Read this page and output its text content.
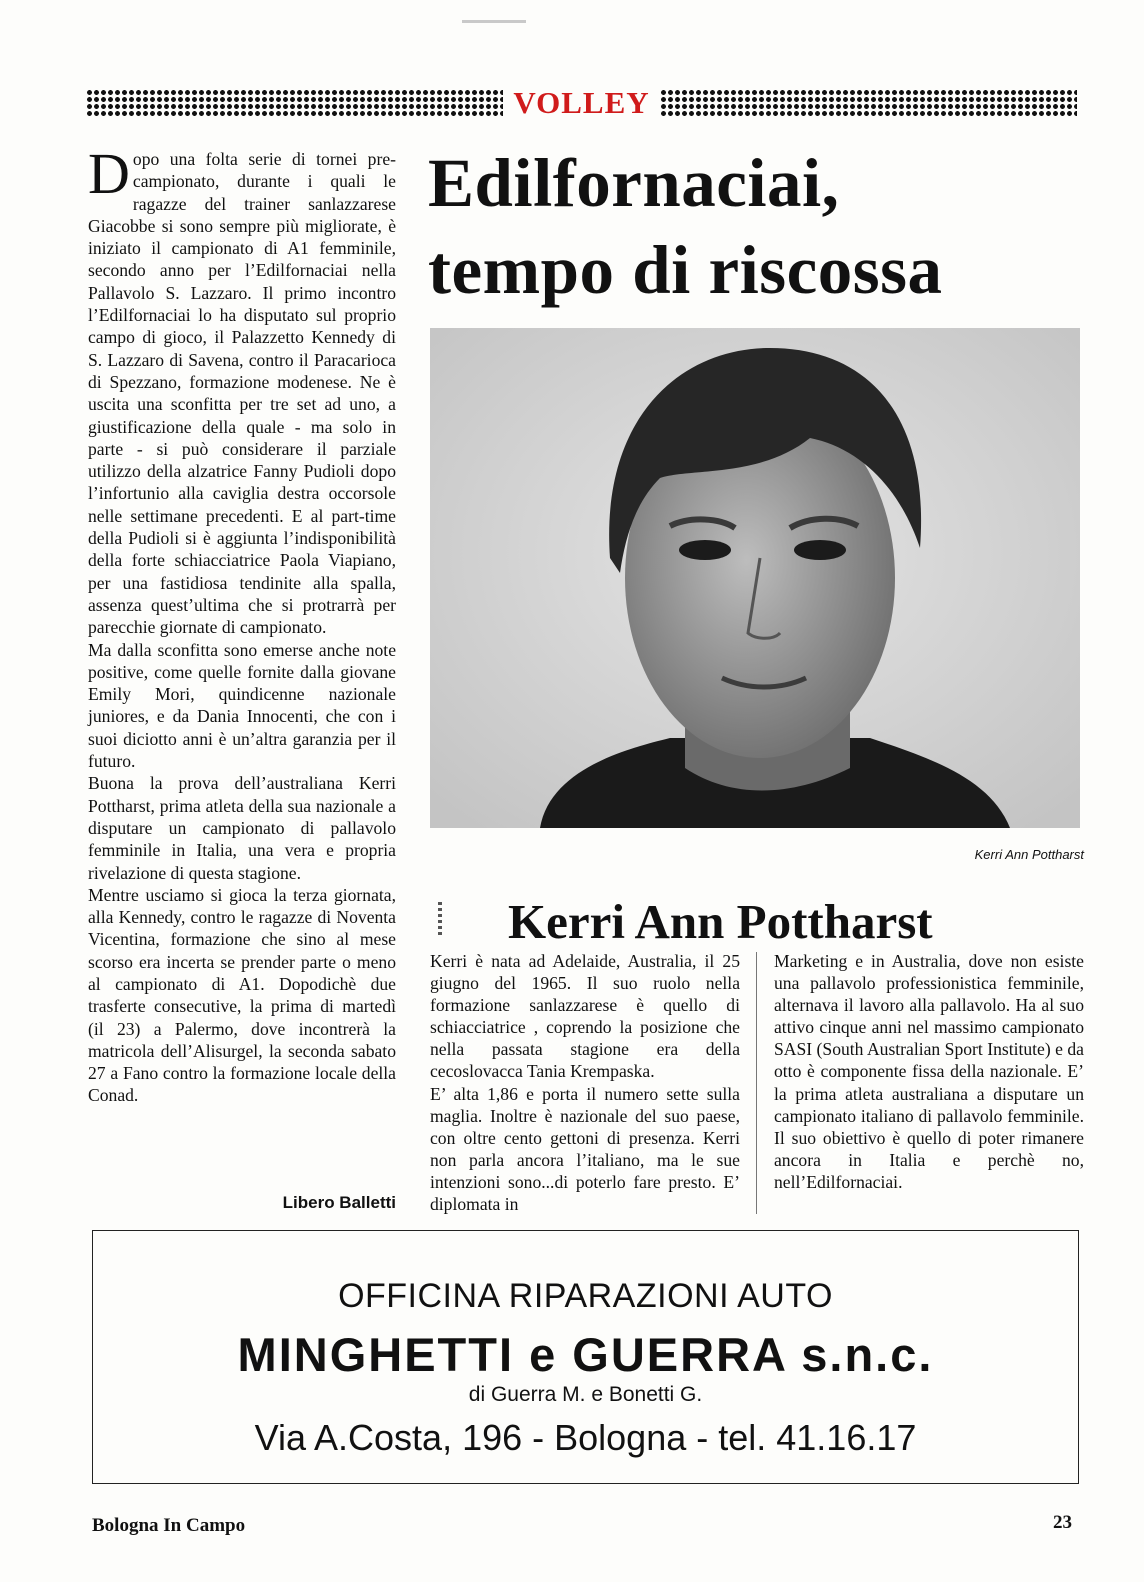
VOLLEY

Dopo una folta serie di tornei pre-campionato, durante i quali le ragazze del trainer sanlazzarese Giacobbe si sono sempre più migliorate, è iniziato il campionato di A1 femminile, secondo anno per l’Edilfornaciai nella Pallavolo S. Lazzaro. Il primo incontro l’Edilfornaciai lo ha disputato sul proprio campo di gioco, il Palazzetto Kennedy di S. Lazzaro di Savena, contro il Paracarioca di Spezzano, formazione modenese. Ne è uscita una sconfitta per tre set ad uno, a giustificazione della quale - ma solo in parte - si può considerare il parziale utilizzo della alzatrice Fanny Pudioli dopo l’infortunio alla caviglia destra occorsole nelle settimane precedenti. E al part-time della Pudioli si è aggiunta l’indisponibilità della forte schiacciatrice Paola Viapiano, per una fastidiosa tendinite alla spalla, assenza quest’ultima che si protrarrà per parecchie giornate di campionato.

Ma dalla sconfitta sono emerse anche note positive, come quelle fornite dalla giovane Emily Mori, quindicenne nazionale juniores, e da Dania Innocenti, che con i suoi diciotto anni è un’altra garanzia per il futuro.

Buona la prova dell’australiana Kerri Pottharst, prima atleta della sua nazionale a disputare un campionato di pallavolo femminile in Italia, una vera e propria rivelazione di questa stagione.

Mentre usciamo si gioca la terza giornata, alla Kennedy, contro le ragazze di Noventa Vicentina, formazione che sino al mese scorso era incerta se prender parte o meno al campionato di A1. Dopodichè due trasferte consecutive, la prima di martedì (il 23) a Palermo, dove incontrerà la matricola dell’Alisurgel, la seconda sabato 27 a Fano contro la formazione locale della Conad.

Libero Balletti
Edilfornaciai,
tempo di riscossa
Kerri Ann Pottharst
Kerri Ann Pottharst

Kerri è nata ad Adelaide, Australia, il 25 giugno del 1965. Il suo ruolo nella formazione sanlazzarese è quello di schiacciatrice , coprendo la posizione che nella passata stagione era della cecoslovacca Tania Krempaska.

E’ alta 1,86 e porta il numero sette sulla maglia. Inoltre è nazionale del suo paese, con oltre cento gettoni di presenza. Kerri non parla ancora l’italiano, ma le sue intenzioni sono...di poterlo fare presto. E’ diplomata in

Marketing e in Australia, dove non esiste una pallavolo professionistica femminile, alternava il lavoro alla pallavolo. Ha al suo attivo cinque anni nel massimo campionato SASI (South Australian Sport Institute) e da otto è componente fissa della nazionale. E’ la prima atleta australiana a disputare un campionato italiano di pallavolo femminile. Il suo obiettivo è quello di poter rimanere ancora in Italia e perchè no, nell’Edilfornaciai.

OFFICINA RIPARAZIONI AUTO
MINGHETTI e GUERRA s.n.c.
di Guerra M. e Bonetti G.
Via A.Costa, 196 - Bologna - tel. 41.16.17
Bologna In Campo	23
